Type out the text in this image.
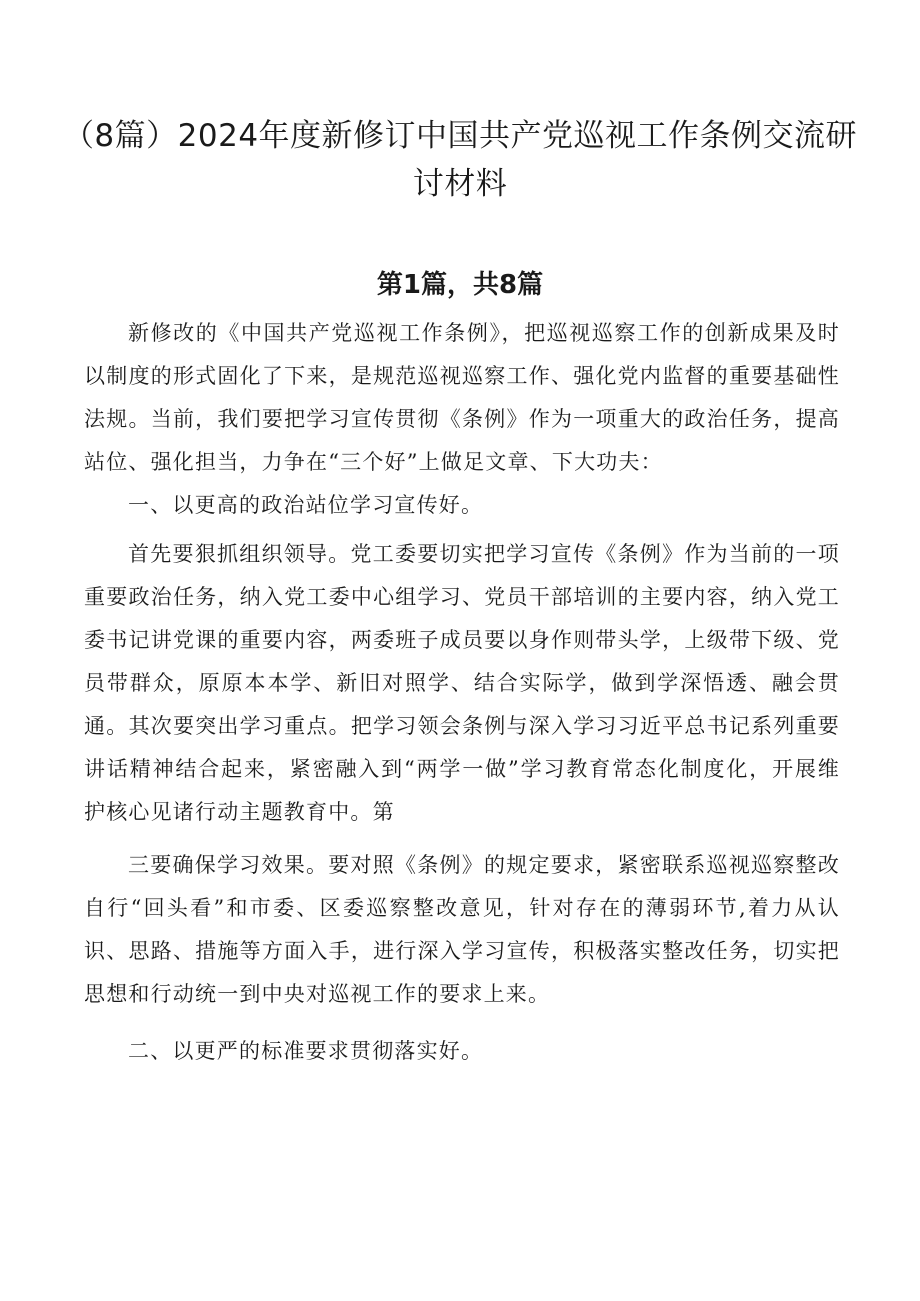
（8篇）2024年度新修订中国共产党巡视工作条例交流研讨材料
第1篇，共8篇

新修改的《中国共产党巡视工作条例》，把巡视巡察工作的创新成果及时以制度的形式固化了下来，是规范巡视巡察工作、强化党内监督的重要基础性法规。当前，我们要把学习宣传贯彻《条例》作为一项重大的政治任务，提高站位、强化担当，力争在“三个好”上做足文章、下大功夫：

一、以更高的政治站位学习宣传好。

首先要狠抓组织领导。党工委要切实把学习宣传《条例》作为当前的一项重要政治任务，纳入党工委中心组学习、党员干部培训的主要内容，纳入党工委书记讲党课的重要内容，两委班子成员要以身作则带头学，上级带下级、党员带群众，原原本本学、新旧对照学、结合实际学，做到学深悟透、融会贯通。其次要突出学习重点。把学习领会条例与深入学习习近平总书记系列重要讲话精神结合起来，紧密融入到“两学一做”学习教育常态化制度化，开展维护核心见诸行动主题教育中。第

三要确保学习效果。要对照《条例》的规定要求，紧密联系巡视巡察整改自行“回头看”和市委、区委巡察整改意见，针对存在的薄弱环节,着力从认识、思路、措施等方面入手，进行深入学习宣传，积极落实整改任务，切实把思想和行动统一到中央对巡视工作的要求上来。

二、以更严的标准要求贯彻落实好。
